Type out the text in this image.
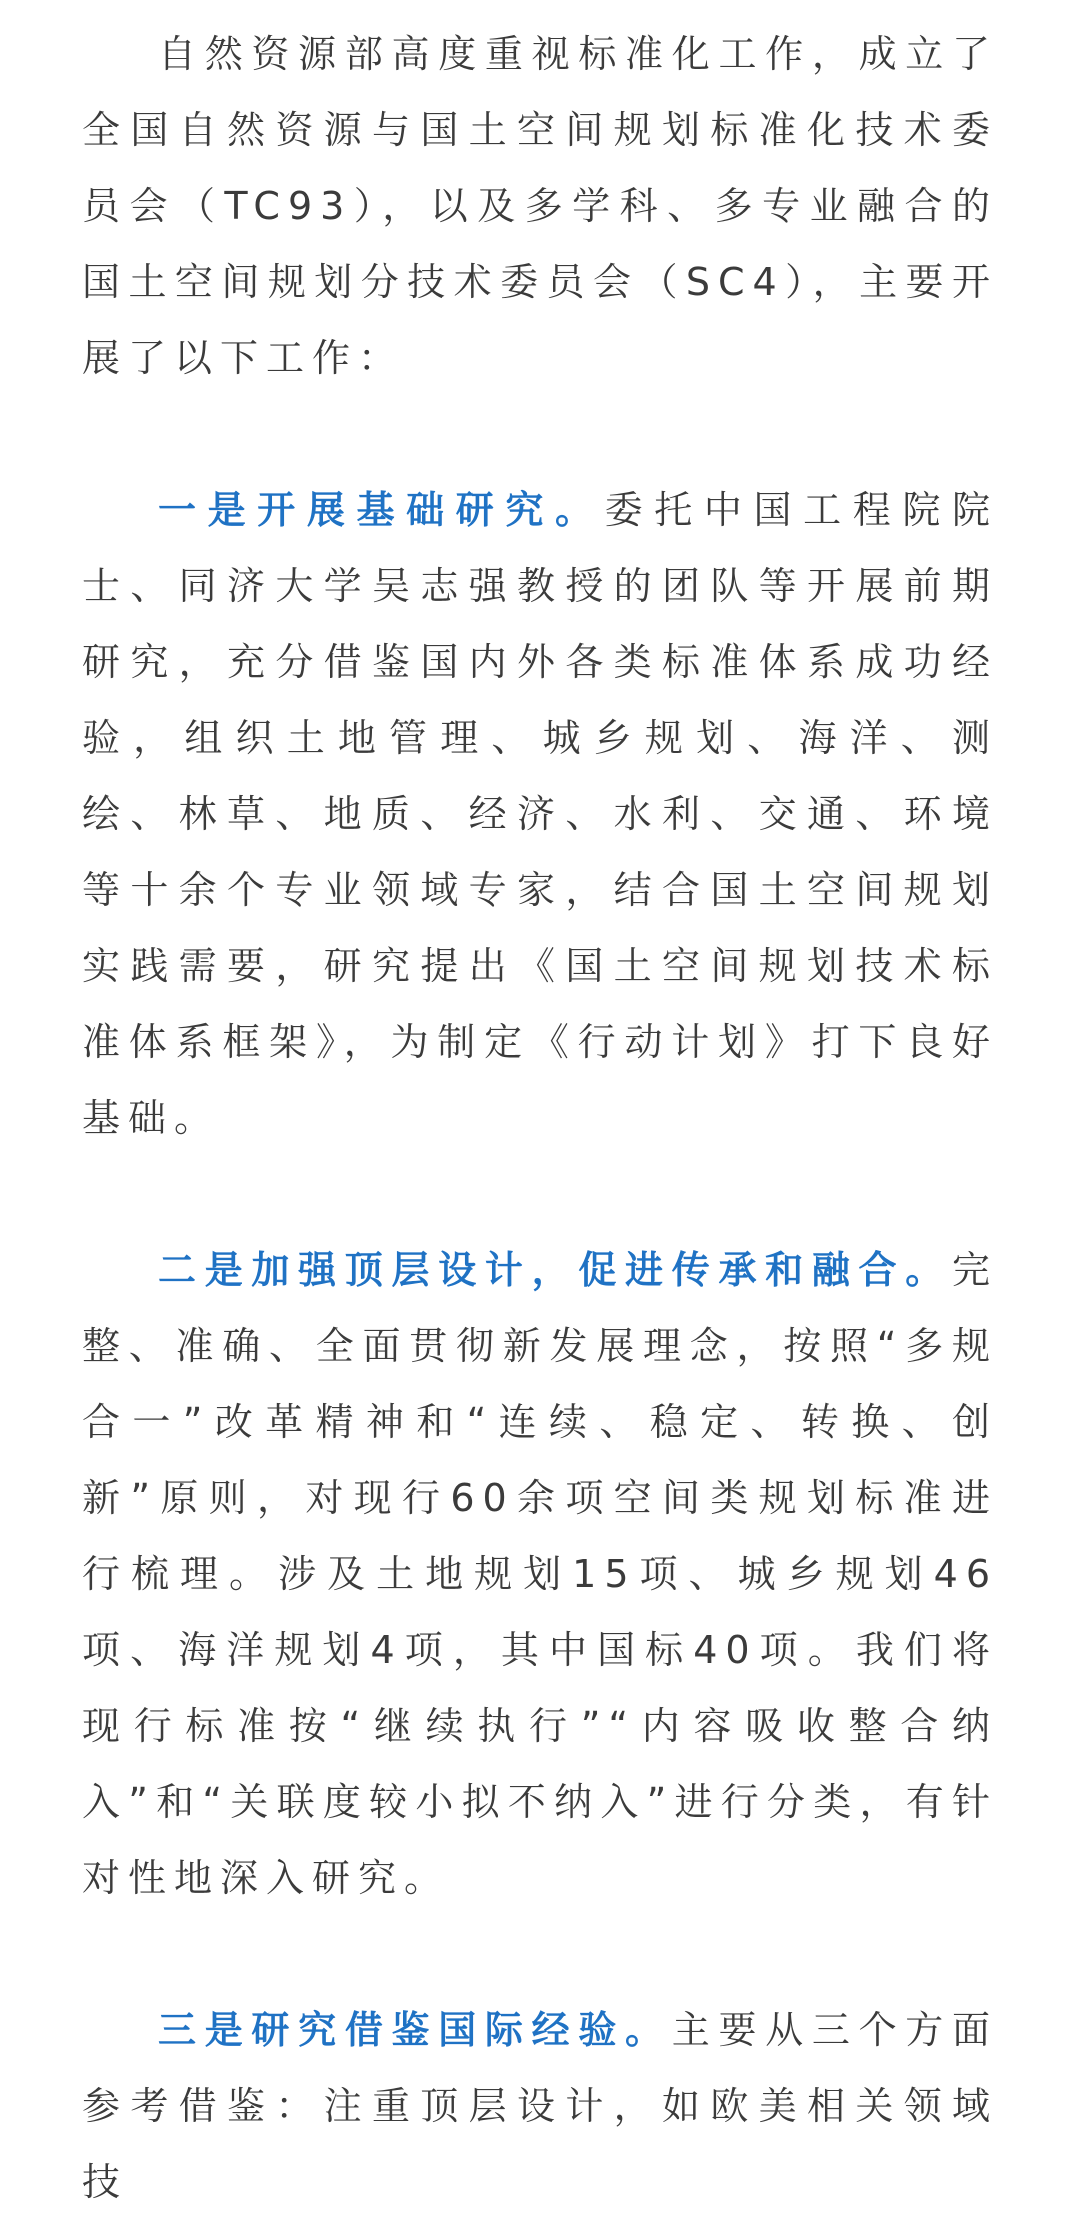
自然资源部高度重视标准化工作，成立了全国自然资源与国土空间规划标准化技术委员会（TC93），以及多学科、多专业融合的国土空间规划分技术委员会（SC4），主要开展了以下工作：

一是开展基础研究。委托中国工程院院士、同济大学吴志强教授的团队等开展前期研究，充分借鉴国内外各类标准体系成功经验，组织土地管理、城乡规划、海洋、测绘、林草、地质、经济、水利、交通、环境等十余个专业领域专家，结合国土空间规划实践需要，研究提出《国土空间规划技术标准体系框架》，为制定《行动计划》打下良好基础。

二是加强顶层设计，促进传承和融合。完整、准确、全面贯彻新发展理念，按照“多规合一”改革精神和“连续、稳定、转换、创新”原则，对现行60余项空间类规划标准进行梳理。涉及土地规划15项、城乡规划46项、海洋规划4项，其中国标40项。我们将现行标准按“继续执行”“内容吸收整合纳入”和“关联度较小拟不纳入”进行分类，有针对性地深入研究。

三是研究借鉴国际经验。主要从三个方面参考借鉴：注重顶层设计，如欧美相关领域技
